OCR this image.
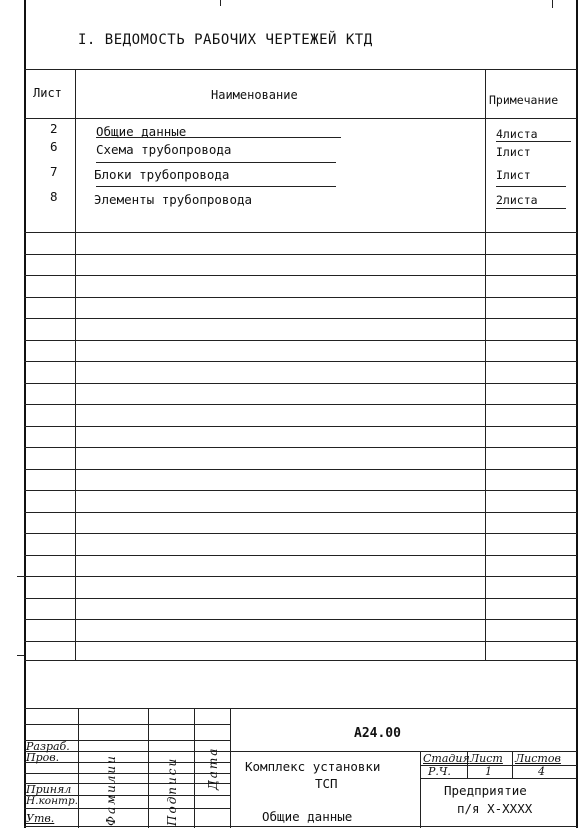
I. ВЕДОМОСТЬ РАБОЧИХ ЧЕРТЕЖЕЙ КТД
Лист	Наименование	Примечание
2	Общие данные	4листа
6	Схема трубопровода	Iлист
7	Блоки трубопровода	Iлист
8	Элементы трубопровода	2листа
A24.00
Комплекс установки
ТСП
Общие данные
Стадия Лист Листов
Р.Ч.	1	4
Предприятие
п/я Х-XXXX
Разраб.
Пров.
Принял
Н.контр.
Утв.	Фамилии	Подписи Дата
